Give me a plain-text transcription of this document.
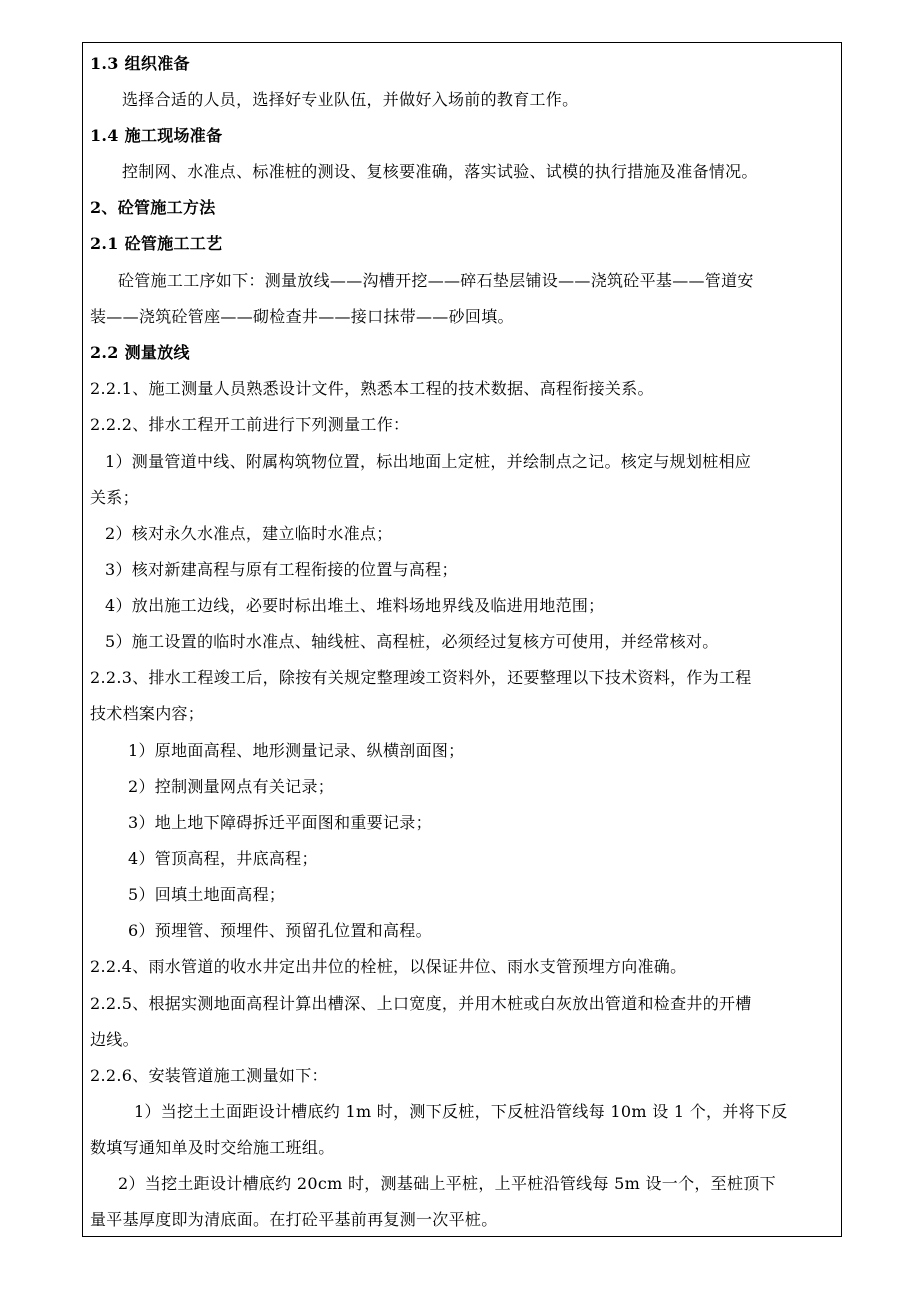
1.3 组织准备
选择合适的人员，选择好专业队伍，并做好入场前的教育工作。
1.4 施工现场准备
控制网、水准点、标准桩的测设、复核要准确，落实试验、试模的执行措施及准备情况。
2、砼管施工方法
2.1 砼管施工工艺
砼管施工工序如下：测量放线——沟槽开挖——碎石垫层铺设——浇筑砼平基——管道安
装——浇筑砼管座——砌检查井——接口抹带——砂回填。
2.2 测量放线
2.2.1、施工测量人员熟悉设计文件，熟悉本工程的技术数据、高程衔接关系。
2.2.2、排水工程开工前进行下列测量工作：
1）测量管道中线、附属构筑物位置，标出地面上定桩，并绘制点之记。核定与规划桩相应
关系；
2）核对永久水准点，建立临时水准点；
3）核对新建高程与原有工程衔接的位置与高程；
4）放出施工边线，必要时标出堆土、堆料场地界线及临进用地范围；
5）施工设置的临时水准点、轴线桩、高程桩，必须经过复核方可使用，并经常核对。
2.2.3、排水工程竣工后，除按有关规定整理竣工资料外，还要整理以下技术资料，作为工程
技术档案内容；
1）原地面高程、地形测量记录、纵横剖面图；
2）控制测量网点有关记录；
3）地上地下障碍拆迁平面图和重要记录；
4）管顶高程，井底高程；
5）回填土地面高程；
6）预埋管、预埋件、预留孔位置和高程。
2.2.4、雨水管道的收水井定出井位的栓桩，以保证井位、雨水支管预埋方向准确。
2.2.5、根据实测地面高程计算出槽深、上口宽度，并用木桩或白灰放出管道和检查井的开槽
边线。
2.2.6、安装管道施工测量如下：
1）当挖土土面距设计槽底约 1m 时，测下反桩，下反桩沿管线每 10m 设 1 个，并将下反
数填写通知单及时交给施工班组。
2）当挖土距设计槽底约 20cm 时，测基础上平桩，上平桩沿管线每 5m 设一个，至桩顶下
量平基厚度即为清底面。在打砼平基前再复测一次平桩。
